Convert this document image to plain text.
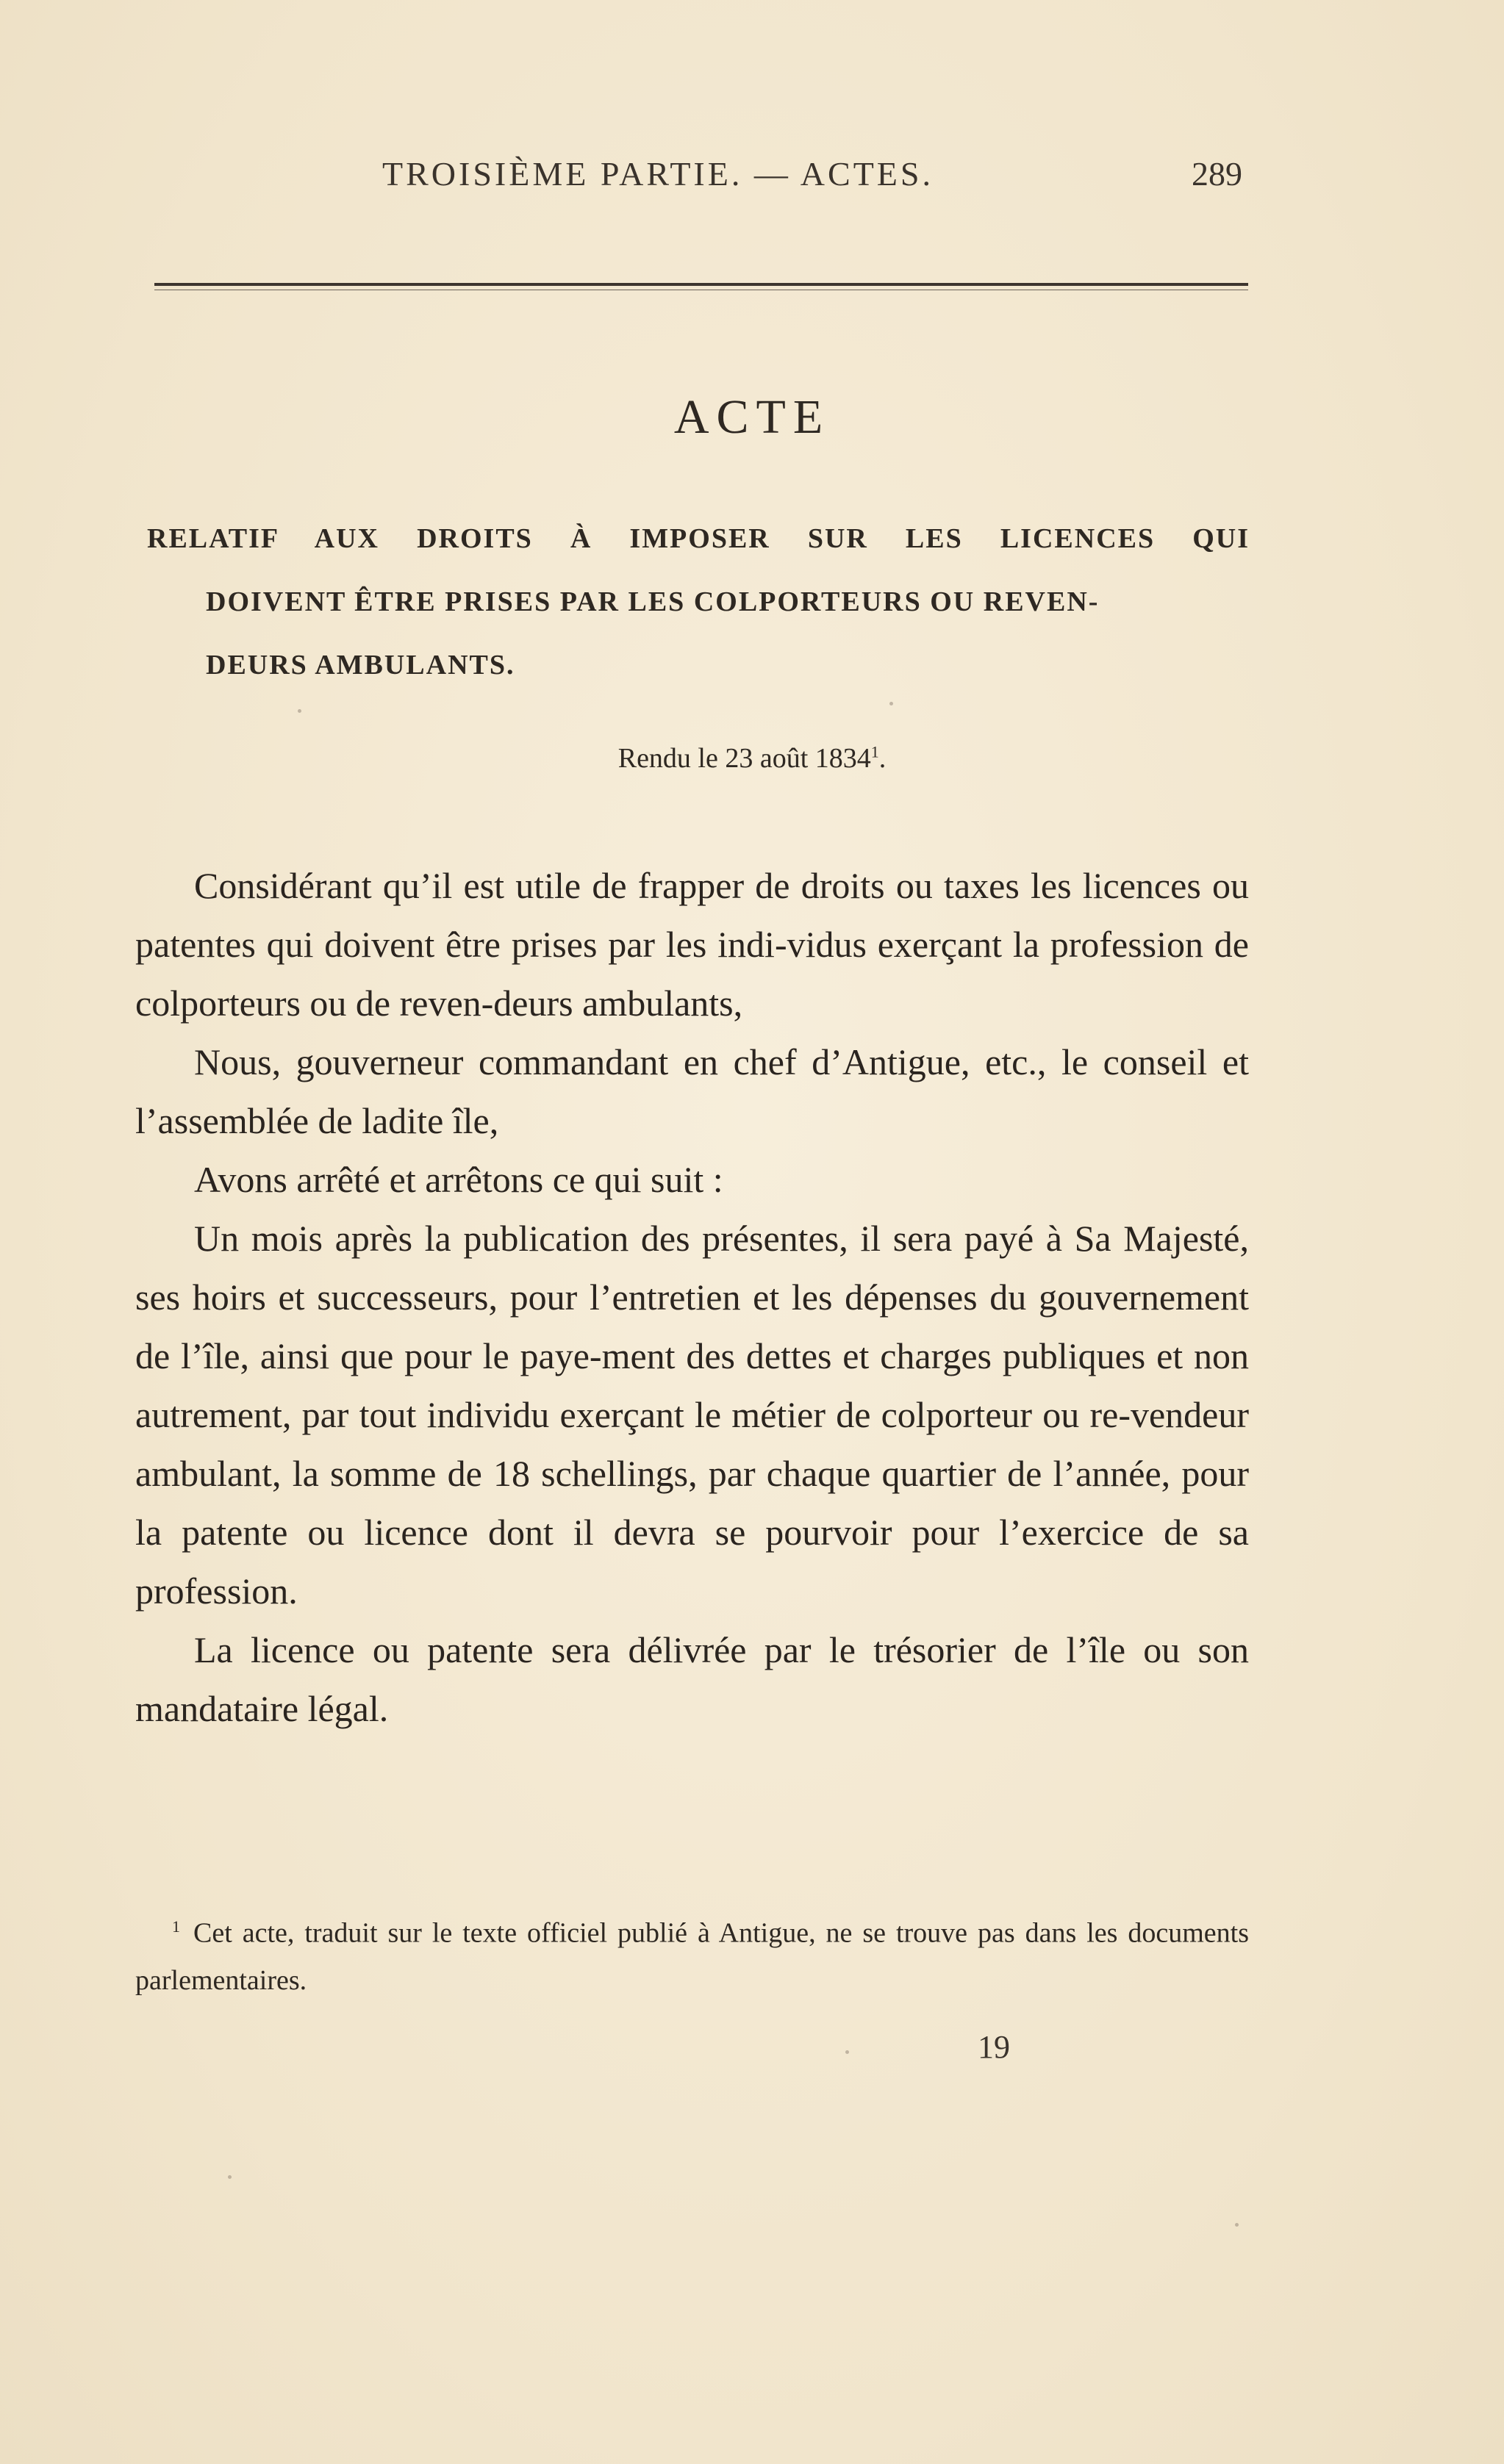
TROISIÈME PARTIE. — ACTES.	289
ACTE
RELATIF AUX DROITS À IMPOSER SUR LES LICENCES QUI
DOIVENT ÊTRE PRISES PAR LES COLPORTEURS OU REVEN-
DEURS AMBULANTS.
Rendu le 23 août 1834$^1$.

Considérant qu’il est utile de frapper de droits ou taxes les licences ou patentes qui doivent être prises par les indi-vidus exerçant la profession de colporteurs ou de reven-deurs ambulants,

Nous, gouverneur commandant en chef d’Antigue, etc., le conseil et l’assemblée de ladite île,

Avons arrêté et arrêtons ce qui suit :

Un mois après la publication des présentes, il sera payé à Sa Majesté, ses hoirs et successeurs, pour l’entretien et les dépenses du gouvernement de l’île, ainsi que pour le paye-ment des dettes et charges publiques et non autrement, par tout individu exerçant le métier de colporteur ou re-vendeur ambulant, la somme de 18 schellings, par chaque quartier de l’année, pour la patente ou licence dont il devra se pourvoir pour l’exercice de sa profession.

La licence ou patente sera délivrée par le trésorier de l’île ou son mandataire légal.

$^1$ Cet acte, traduit sur le texte officiel publié à Antigue, ne se trouve pas dans les documents parlementaires.
19
